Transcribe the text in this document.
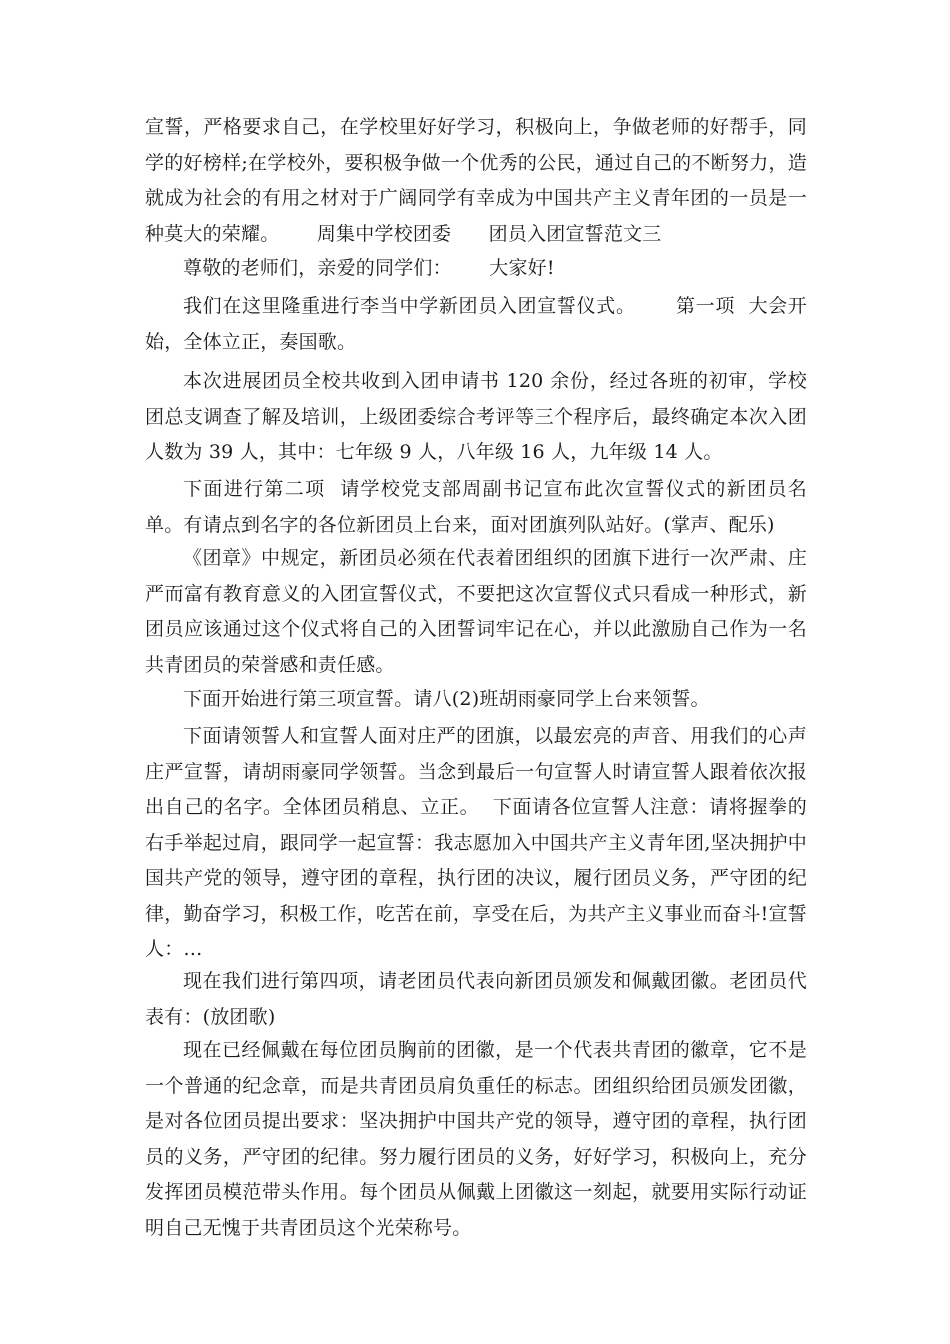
宣誓，严格要求自己，在学校里好好学习，积极向上，争做老师的好帮手，同学的好榜样;在学校外，要积极争做一个优秀的公民，通过自己的不断努力，造就成为社会的有用之材对于广阔同学有幸成为中国共产主义青年团的一员是一种莫大的荣耀。      周集中学校团委      团员入团宣誓范文三

尊敬的老师们，亲爱的同学们：      大家好!

我们在这里隆重进行李当中学新团员入团宣誓仪式。      第一项  大会开始，全体立正，奏国歌。

本次进展团员全校共收到入团申请书 120 余份，经过各班的初审，学校团总支调查了解及培训，上级团委综合考评等三个程序后，最终确定本次入团人数为 39 人，其中：七年级 9 人，八年级 16 人，九年级 14 人。

下面进行第二项  请学校党支部周副书记宣布此次宣誓仪式的新团员名单。有请点到名字的各位新团员上台来，面对团旗列队站好。(掌声、配乐)

《团章》中规定，新团员必须在代表着团组织的团旗下进行一次严肃、庄严而富有教育意义的入团宣誓仪式，不要把这次宣誓仪式只看成一种形式，新团员应该通过这个仪式将自己的入团誓词牢记在心，并以此激励自己作为一名共青团员的荣誉感和责任感。

下面开始进行第三项宣誓。请八(2)班胡雨豪同学上台来领誓。

下面请领誓人和宣誓人面对庄严的团旗，以最宏亮的声音、用我们的心声庄严宣誓，请胡雨豪同学领誓。当念到最后一句宣誓人时请宣誓人跟着依次报出自己的名字。全体团员稍息、立正。  下面请各位宣誓人注意：请将握拳的右手举起过肩，跟同学一起宣誓：我志愿加入中国共产主义青年团,坚决拥护中国共产党的领导，遵守团的章程，执行团的决议，履行团员义务，严守团的纪律，勤奋学习，积极工作，吃苦在前，享受在后，为共产主义事业而奋斗!宣誓人：…

现在我们进行第四项，请老团员代表向新团员颁发和佩戴团徽。老团员代表有：(放团歌)

现在已经佩戴在每位团员胸前的团徽，是一个代表共青团的徽章，它不是一个普通的纪念章，而是共青团员肩负重任的标志。团组织给团员颁发团徽，是对各位团员提出要求：坚决拥护中国共产党的领导，遵守团的章程，执行团员的义务，严守团的纪律。努力履行团员的义务，好好学习，积极向上，充分发挥团员模范带头作用。每个团员从佩戴上团徽这一刻起，就要用实际行动证明自己无愧于共青团员这个光荣称号。
